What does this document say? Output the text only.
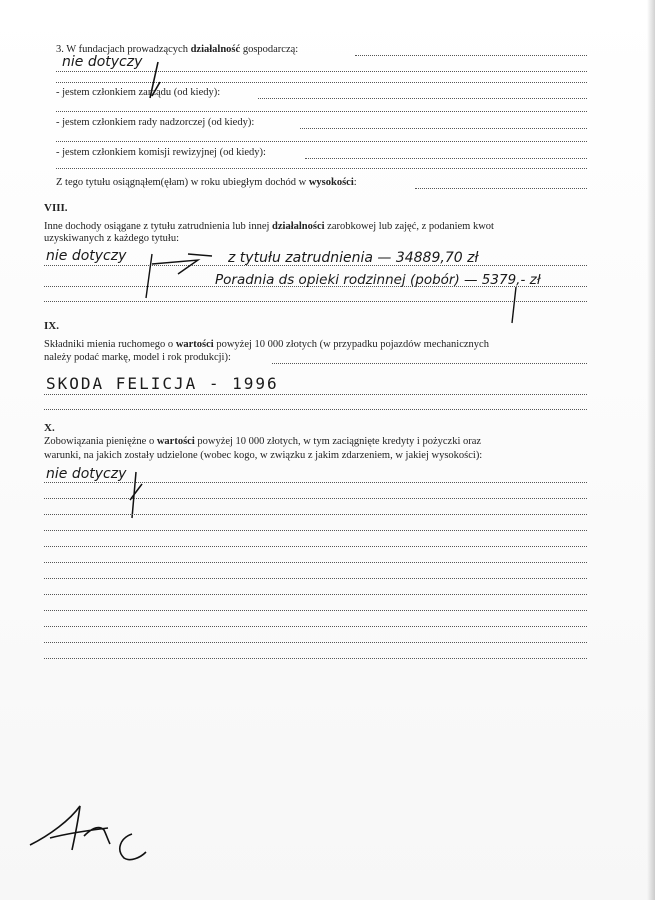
3. W fundacjach prowadzących działalność gospodarczą:
nie dotyczy
- jestem członkiem zarządu (od kiedy):
- jestem członkiem rady nadzorczej (od kiedy):
- jestem członkiem komisji rewizyjnej (od kiedy):
Z tego tytułu osiągnąłem(ęłam) w roku ubiegłym dochód w wysokości:
VIII.
Inne dochody osiągane z tytułu zatrudnienia lub innej działalności zarobkowej lub zajęć, z podaniem kwot
uzyskiwanych z każdego tytułu:
nie dotyczy	z tytułu zatrudnienia — 34889,70 zł
Poradnia ds opieki rodzinnej (pobór) — 5379,- zł
IX.
Składniki mienia ruchomego o wartości powyżej 10 000 złotych (w przypadku pojazdów mechanicznych
należy podać markę, model i rok produkcji):
SKODA FELICJA - 1996
X.
Zobowiązania pieniężne o wartości powyżej 10 000 złotych, w tym zaciągnięte kredyty i pożyczki oraz
warunki, na jakich zostały udzielone (wobec kogo, w związku z jakim zdarzeniem, w jakiej wysokości):
nie dotyczy
